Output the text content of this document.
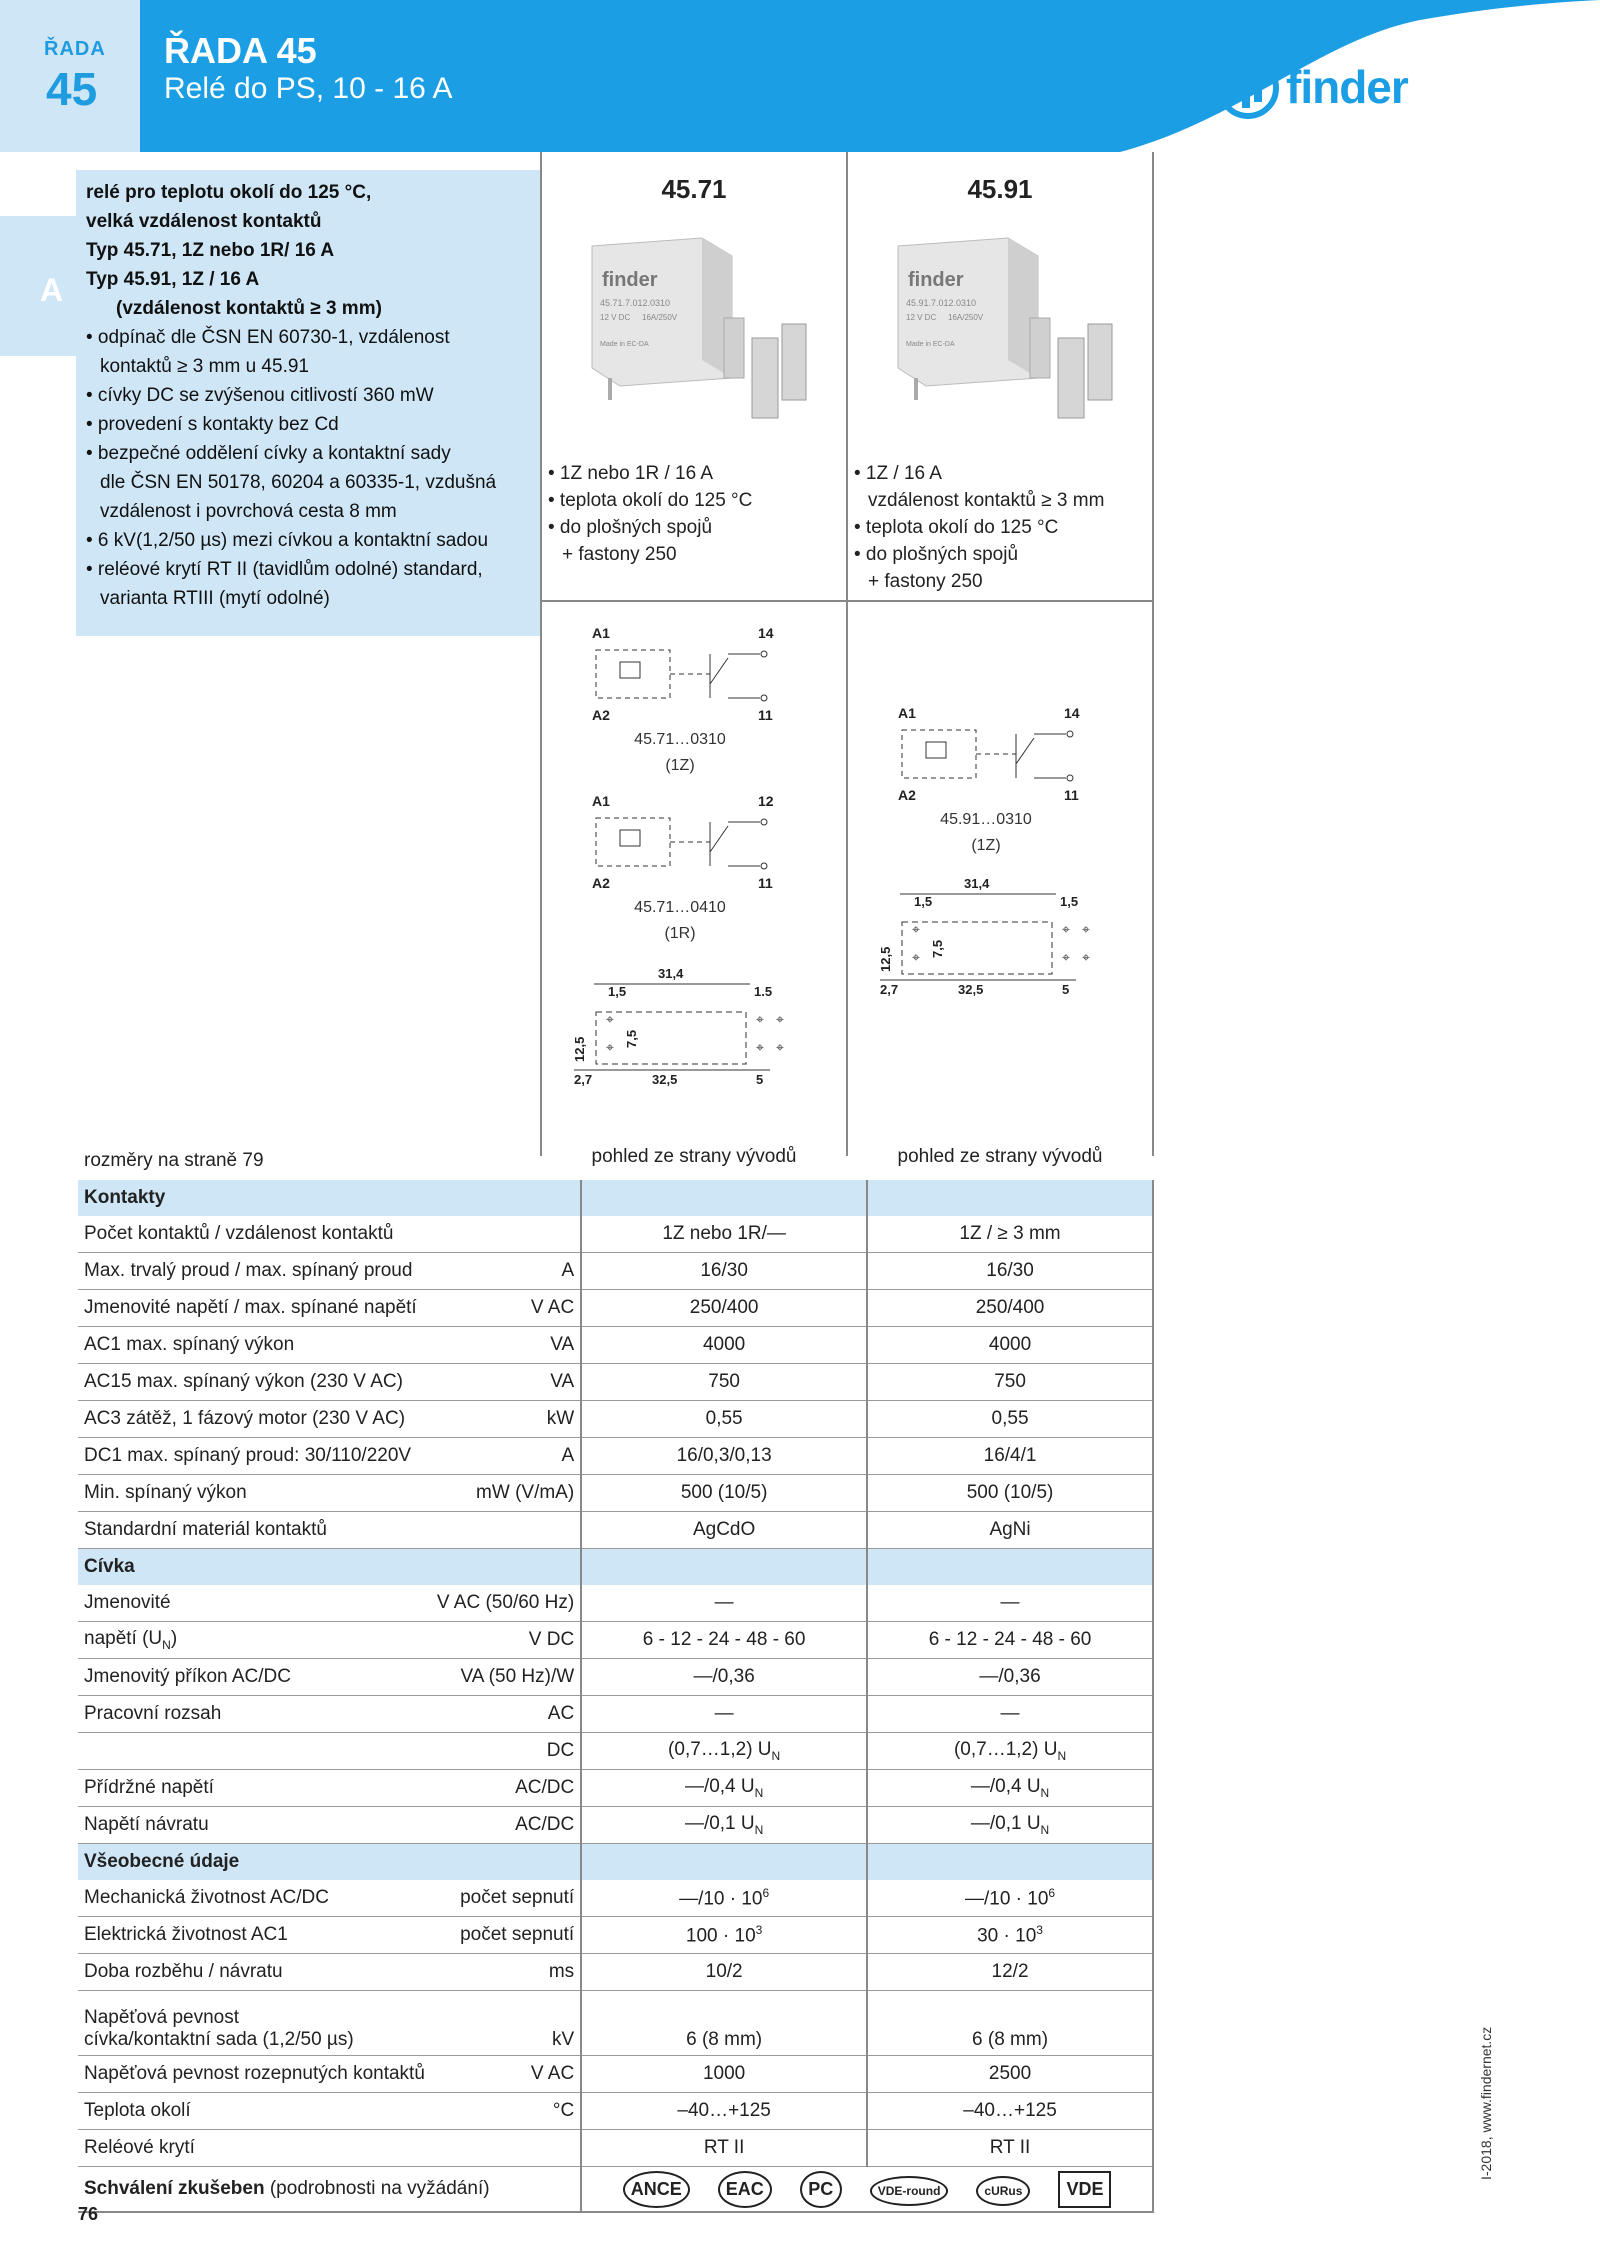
ŘADA
45
ŘADA 45
Relé do PS, 10 - 16 A	finder
A
relé pro teplotu okolí do 125 °C,
velká vzdálenost kontaktů
Typ 45.71, 1Z nebo 1R/ 16 A
Typ 45.91, 1Z / 16 A
(vzdálenost kontaktů ≥ 3 mm)
• odpínač dle ČSN EN 60730-1, vzdálenost
kontaktů ≥ 3 mm u 45.91
• cívky DC se zvýšenou citlivostí 360 mW
• provedení s kontakty bez Cd
• bezpečné oddělení cívky a kontaktní sady
dle ČSN EN 50178, 60204 a 60335-1, vzdušná
vzdálenost i povrchová cesta 8 mm
• 6 kV(1,2/50 µs) mezi cívkou a kontaktní sadou
• reléové krytí RT II (tavidlům odolné) standard,
varianta RTIII (mytí odolné)
45.71	45.91
finder
45.71.7.012.0310
12 V DC 16A/250V
Made in EC-DA
finder
45.91.7.012.0310
12 V DC 16A/250V
Made in EC-DA
• 1Z nebo 1R / 16 A
• teplota okolí do 125 °C
• do plošných spojů
+ fastony 250
• 1Z / 16 A
vzdálenost kontaktů ≥ 3 mm
• teplota okolí do 125 °C
• do plošných spojů
+ fastony 250
A1	14
A2	11
45.71…0310
(1Z)
A1	12
A2	11
45.71…0410
(1R)
31,4
1,5	1.5
⌖
⌖
⌖ ⌖
⌖ ⌖
12,5	7,5
2,7	32,5	5
A1	14
A2	11
45.91…0310
(1Z)
31,4
1,5	1,5
⌖
⌖
⌖ ⌖
⌖ ⌖
12,5	7,5
2,7	32,5	5
rozměry na straně 79	pohled ze strany vývodů	pohled ze strany vývodů
Kontakty			
Počet kontaktů / vzdálenost kontaktů		1Z nebo 1R/—	1Z / ≥ 3 mm
Max. trvalý proud / max. spínaný proud	A	16/30	16/30
Jmenovité napětí / max. spínané napětí	V AC	250/400	250/400
AC1 max. spínaný výkon	VA	4000	4000
AC15 max. spínaný výkon (230 V AC)	VA	750	750
AC3 zátěž, 1 fázový motor (230 V AC)	kW	0,55	0,55
DC1 max. spínaný proud: 30/110/220V	A	16/0,3/0,13	16/4/1
Min. spínaný výkon	mW (V/mA)	500 (10/5)	500 (10/5)
Standardní materiál kontaktů		AgCdO	AgNi
Cívka			
Jmenovité	V AC (50/60 Hz)	—	—
napětí $(U_N)$	V DC	6 - 12 - 24 - 48 - 60	6 - 12 - 24 - 48 - 60
Jmenovitý příkon AC/DC	VA (50 Hz)/W	—/0,36	—/0,36
Pracovní rozsah	AC	—	—
	DC	(0,7…1,2) $U_N$	(0,7…1,2) $U_N$
Přídržné napětí	AC/DC	—/0,4 $U_N$	—/0,4 $U_N$
Napětí návratu	AC/DC	—/0,1 $U_N$	—/0,1 $U_N$
Všeobecné údaje			
Mechanická životnost AC/DC	počet sepnutí	—/10 · $10^6$	—/10 · $10^6$
Elektrická životnost AC1	počet sepnutí	$100 \cdot 10^3$	$30 \cdot 10^3$
Doba rozběhu / návratu	ms	10/2	12/2
Napěťová pevnost
cívka/kontaktní sada (1,2/50 µs)	kV	6 (8 mm)	6 (8 mm)
Napěťová pevnost rozepnutých kontaktů	V AC	1000	2500
Teplota okolí	°C	–40…+125	–40…+125
Reléové krytí		RT II	RT II
Schválení zkušeben (podrobnosti na vyžádání)		ANCE EAC PC VDE-round cURus VDE	
76
I-2018, www.findernet.cz
